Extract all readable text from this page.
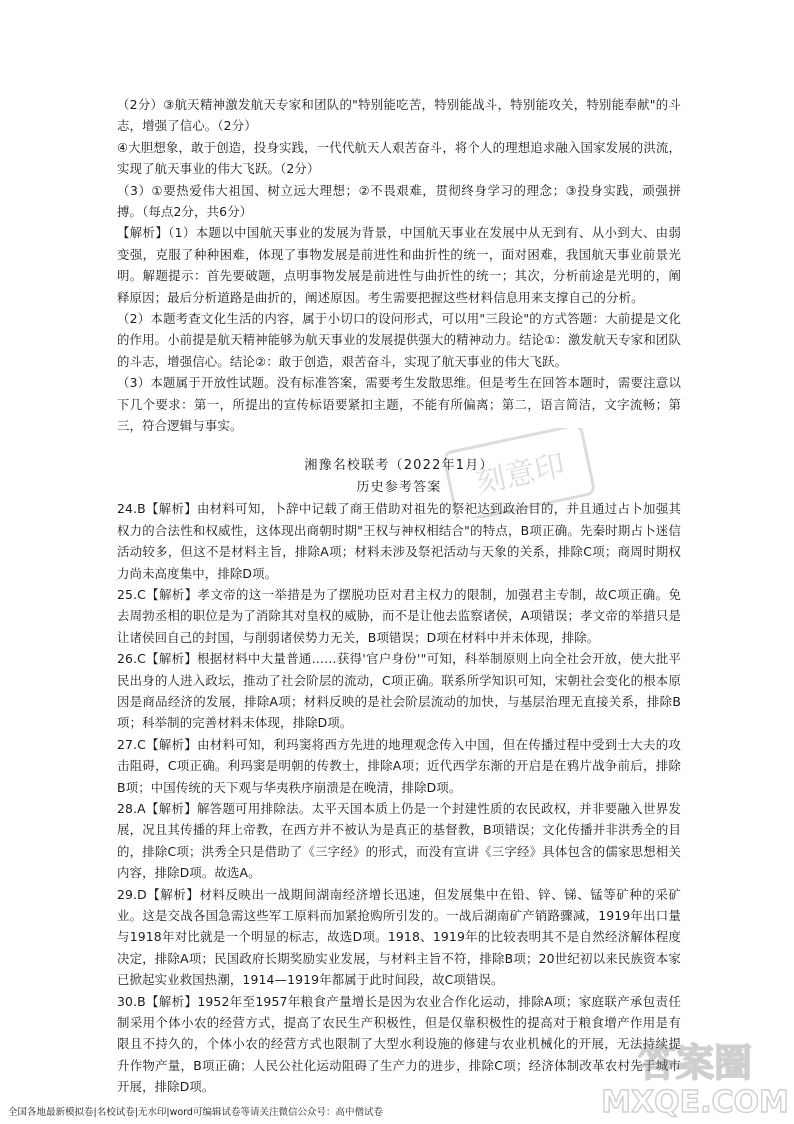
刻意印

（2分）③航天精神激发航天专家和团队的"特别能吃苦，特别能战斗，特别能攻关，特别能奉献"的斗志，增强了信心。（2分）

④大胆想象，敢于创造，投身实践，一代代航天人艰苦奋斗，将个人的理想追求融入国家发展的洪流，实现了航天事业的伟大飞跃。（2分）

（3）①要热爱伟大祖国、树立远大理想；②不畏艰难，贯彻终身学习的理念；③投身实践，顽强拼搏。（每点2分，共6分）

【解析】（1）本题以中国航天事业的发展为背景，中国航天事业在发展中从无到有、从小到大、由弱变强，克服了种种困难，体现了事物发展是前进性和曲折性的统一，面对困难，我国航天事业前景光明。解题提示：首先要破题，点明事物发展是前进性与曲折性的统一；其次，分析前途是光明的，阐释原因；最后分析道路是曲折的，阐述原因。考生需要把握这些材料信息用来支撑自己的分析。

（2）本题考查文化生活的内容，属于小切口的设问形式，可以用"三段论"的方式答题：大前提是文化的作用。小前提是航天精神能够为航天事业的发展提供强大的精神动力。结论①：激发航天专家和团队的斗志，增强信心。结论②：敢于创造，艰苦奋斗，实现了航天事业的伟大飞跃。

（3）本题属于开放性试题。没有标准答案，需要考生发散思维。但是考生在回答本题时，需要注意以下几个要求：第一，所提出的宣传标语要紧扣主题，不能有所偏离；第二，语言简洁，文字流畅；第三，符合逻辑与事实。

湘豫名校联考（2022年1月）

历史参考答案

24.B【解析】由材料可知，卜辞中记载了商王借助对祖先的祭祀达到政治目的，并且通过占卜加强其权力的合法性和权威性，这体现出商朝时期"王权与神权相结合"的特点，B项正确。先秦时期占卜迷信活动较多，但这不是材料主旨，排除A项；材料未涉及祭祀活动与天象的关系，排除C项；商周时期权力尚未高度集中，排除D项。

25.C【解析】孝文帝的这一举措是为了摆脱功臣对君主权力的限制，加强君主专制，故C项正确。免去周勃丞相的职位是为了消除其对皇权的威胁，而不是让他去监察诸侯，A项错误；孝文帝的举措只是让诸侯回自己的封国，与削弱诸侯势力无关，B项错误；D项在材料中并未体现，排除。

26.C【解析】根据材料中大量普通……获得'官户身份'"可知，科举制原则上向全社会开放，使大批平民出身的人进入政坛，推动了社会阶层的流动，C项正确。联系所学知识可知，宋朝社会变化的根本原因是商品经济的发展，排除A项；材料反映的是社会阶层流动的加快，与基层治理无直接关系，排除B项；科举制的完善材料未体现，排除D项。

27.C【解析】由材料可知，利玛窦将西方先进的地理观念传入中国，但在传播过程中受到士大夫的攻击阻碍，C项正确。利玛窦是明朝的传教士，排除A项；近代西学东渐的开启是在鸦片战争前后，排除B项；中国传统的天下观与华夷秩序崩溃是在晚清，排除D项。

28.A【解析】解答题可用排除法。太平天国本质上仍是一个封建性质的农民政权，并非要融入世界发展，况且其传播的拜上帝教，在西方并不被认为是真正的基督教，B项错误；文化传播并非洪秀全的目的，排除C项；洪秀全只是借助了《三字经》的形式，而没有宣讲《三字经》具体包含的儒家思想相关内容，排除D项。故选A。

29.D【解析】材料反映出一战期间湖南经济增长迅速，但发展集中在铅、锌、锑、锰等矿种的采矿业。这是交战各国急需这些军工原料而加紧抢购所引发的。一战后湖南矿产销路骤减，1919年出口量与1918年对比就是一个明显的标志，故选D项。1918、1919年的比较表明其不是自然经济解体程度决定，排除A项；民国政府长期奖励实业发展，与材料主旨不符，排除B项；20世纪初以来民族资本家已掀起实业救国热潮，1914—1919年都属于此时间段，故C项错误。

30.B【解析】1952年至1957年粮食产量增长是因为农业合作化运动，排除A项；家庭联产承包责任制采用个体小农的经营方式，提高了农民生产积极性，但是仅靠积极性的提高对于粮食增产作用是有限且不持久的，个体小农的经营方式也限制了大型水利设施的修建与农业机械化的开展，无法持续提升作物产量，B项正确；人民公社化运动阻碍了生产力的进步，排除C项；经济体制改革农村先于城市开展，排除D项。

答案圈
MXQE.COM
全国各地最新模拟卷|名校试卷|无水印|word可编辑试卷等请关注微信公众号：高中僧试卷
